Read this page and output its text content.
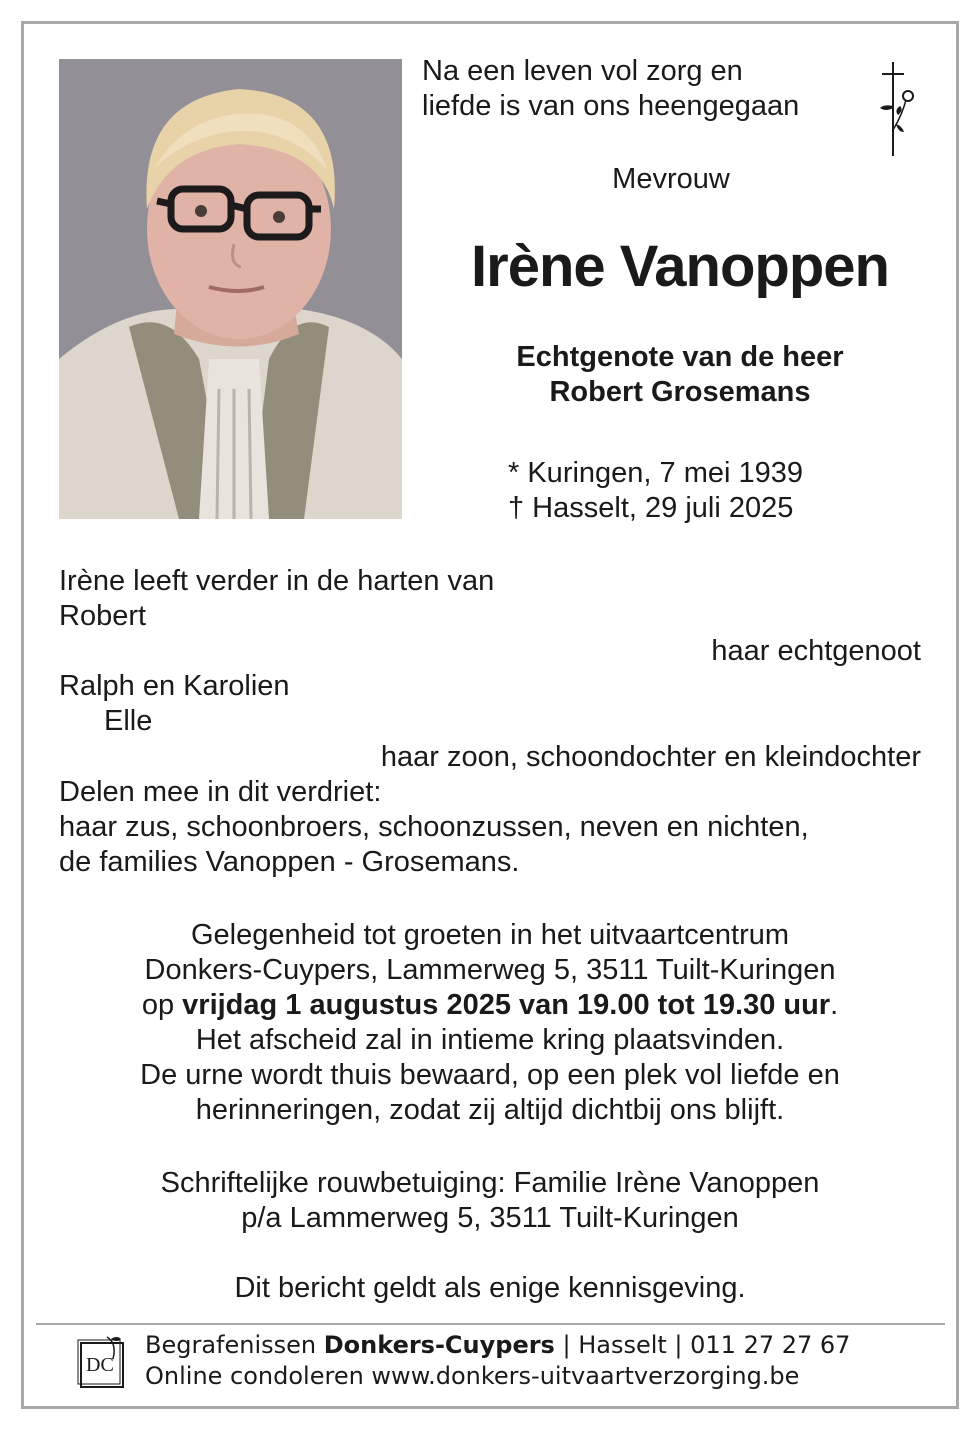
Na een leven vol zorg en
liefde is van ons heengegaan
Mevrouw
Irène Vanoppen
Echtgenote van de heer
Robert Grosemans
* Kuringen, 7 mei 1939
† Hasselt, 29 juli 2025
Irène leeft verder in de harten van
Robert
haar echtgenoot
Ralph en Karolien
Elle
haar zoon, schoondochter en kleindochter
Delen mee in dit verdriet:
haar zus, schoonbroers, schoonzussen, neven en nichten,
de families Vanoppen - Grosemans.
Gelegenheid tot groeten in het uitvaartcentrum
Donkers-Cuypers, Lammerweg 5, 3511 Tuilt-Kuringen
op vrijdag 1 augustus 2025 van 19.00 tot 19.30 uur.
Het afscheid zal in intieme kring plaatsvinden.
De urne wordt thuis bewaard, op een plek vol liefde en
herinneringen, zodat zij altijd dichtbij ons blijft.
Schriftelijke rouwbetuiging: Familie Irène Vanoppen
p/a Lammerweg 5, 3511 Tuilt-Kuringen
Dit bericht geldt als enige kennisgeving.
DC
Begrafenissen Donkers-Cuypers | Hasselt | 011 27 27 67
Online condoleren www.donkers-uitvaartverzorging.be
